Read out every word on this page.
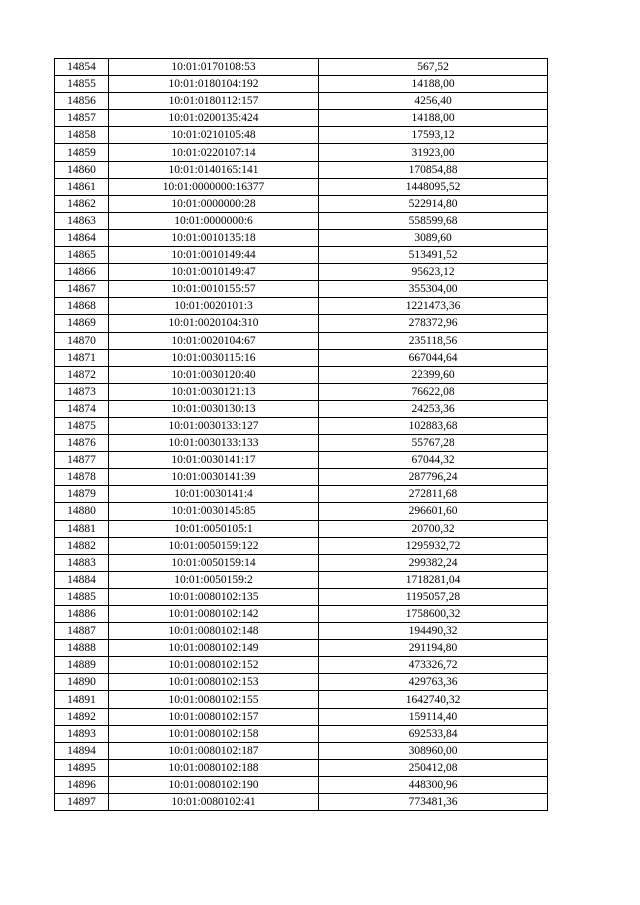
14854	10:01:0170108:53	567,52
14855	10:01:0180104:192	14188,00
14856	10:01:0180112:157	4256,40
14857	10:01:0200135:424	14188,00
14858	10:01:0210105:48	17593,12
14859	10:01:0220107:14	31923,00
14860	10:01:0140165:141	170854,88
14861	10:01:0000000:16377	1448095,52
14862	10:01:0000000:28	522914,80
14863	10:01:0000000:6	558599,68
14864	10:01:0010135:18	3089,60
14865	10:01:0010149:44	513491,52
14866	10:01:0010149:47	95623,12
14867	10:01:0010155:57	355304,00
14868	10:01:0020101:3	1221473,36
14869	10:01:0020104:310	278372,96
14870	10:01:0020104:67	235118,56
14871	10:01:0030115:16	667044,64
14872	10:01:0030120:40	22399,60
14873	10:01:0030121:13	76622,08
14874	10:01:0030130:13	24253,36
14875	10:01:0030133:127	102883,68
14876	10:01:0030133:133	55767,28
14877	10:01:0030141:17	67044,32
14878	10:01:0030141:39	287796,24
14879	10:01:0030141:4	272811,68
14880	10:01:0030145:85	296601,60
14881	10:01:0050105:1	20700,32
14882	10:01:0050159:122	1295932,72
14883	10:01:0050159:14	299382,24
14884	10:01:0050159:2	1718281,04
14885	10:01:0080102:135	1195057,28
14886	10:01:0080102:142	1758600,32
14887	10:01:0080102:148	194490,32
14888	10:01:0080102:149	291194,80
14889	10:01:0080102:152	473326,72
14890	10:01:0080102:153	429763,36
14891	10:01:0080102:155	1642740,32
14892	10:01:0080102:157	159114,40
14893	10:01:0080102:158	692533,84
14894	10:01:0080102:187	308960,00
14895	10:01:0080102:188	250412,08
14896	10:01:0080102:190	448300,96
14897	10:01:0080102:41	773481,36
